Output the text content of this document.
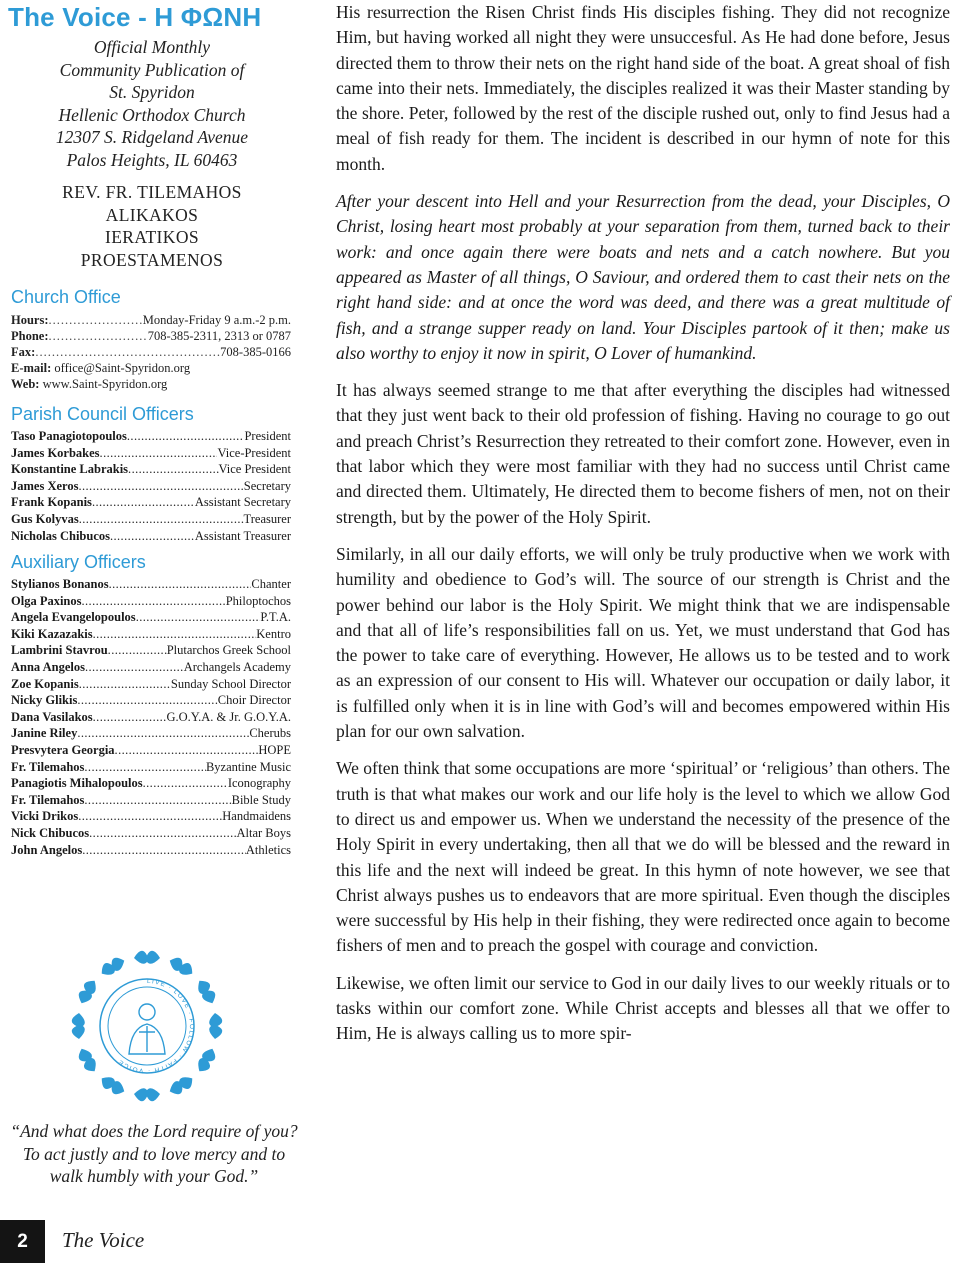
The Voice - Η ΦΩΝΗ
Official Monthly
Community Publication of
St. Spyridon
Hellenic Orthodox Church
12307 S. Ridgeland Avenue
Palos Heights, IL 60463
REV. FR. TILEMAHOS
ALIKAKOS
IERATIKOS
PROESTAMENOS
Church Office
Hours: .....	Monday-Friday 9 a.m.-2 p.m.
Phone: .....	708-385-2311, 2313 or 0787
Fax: .....	708-385-0166
E-mail: office@Saint-Spyridon.org
Web: www.Saint-Spyridon.org
Parish Council Officers
Taso Panagiotopoulos .....	President
James Korbakes .....	Vice-President
Konstantine Labrakis .....	Vice President
James Xeros .....	Secretary
Frank Kopanis .....	Assistant Secretary
Gus Kolyvas .....	Treasurer
Nicholas Chibucos .....	Assistant Treasurer
Auxiliary Officers
Stylianos Bonanos .....	Chanter
Olga Paxinos .....	Philoptochos
Angela Evangelopoulos .....	P.T.A.
Kiki Kazazakis .....	Kentro
Lambrini Stavrou .....	Plutarchos Greek School
Anna Angelos .....	Archangels Academy
Zoe Kopanis .....	Sunday School Director
Nicky Glikis .....	Choir Director
Dana Vasilakos .....	G.O.Y.A. & Jr. G.O.Y.A.
Janine Riley .....	Cherubs
Presvytera Georgia .....	HOPE
Fr. Tilemahos .....	Byzantine Music
Panagiotis Mihalopoulos .....	Iconography
Fr. Tilemahos .....	Bible Study
Vicki Drikos .....	Handmaidens
Nick Chibucos .....	Altar Boys
John Angelos .....	Athletics
LIVE · LOVE · FOLLOW · FAITH · VOICE
“And what does the Lord require of you? To act justly and to love mercy and to walk humbly with your God.”

His resurrection the Risen Christ finds His disciples fishing. They did not recognize Him, but having worked all night they were unsuccesful. As He had done before, Jesus directed them to throw their nets on the right hand side of the boat. A great shoal of fish came into their nets. Immediately, the disciples realized it was their Master standing by the shore. Peter, followed by the rest of the disciple rushed out, only to find Jesus had a meal of fish ready for them. The incident is described in our hymn of note for this month.

After your descent into Hell and your Resurrection from the dead, your Disciples, O Christ, losing heart most probably at your separation from them, turned back to their work: and once again there were boats and nets and a catch nowhere. But you appeared as Master of all things, O Saviour, and ordered them to cast their nets on the right hand side: and at once the word was deed, and there was a great multitude of fish, and a strange supper ready on land. Your Disciples partook of it then; make us also worthy to enjoy it now in spirit, O Lover of humankind.

It has always seemed strange to me that after everything the disciples had witnessed that they just went back to their old profession of fishing. Having no courage to go out and preach Christ’s Resurrection they retreated to their comfort zone. However, even in that labor which they were most familiar with they had no success until Christ came and directed them. Ultimately, He directed them to become fishers of men, not on their strength, but by the power of the Holy Spirit.

Similarly, in all our daily efforts, we will only be truly productive when we work with humility and obedience to God’s will. The source of our strength is Christ and the power behind our labor is the Holy Spirit. We might think that we are indispensable and that all of life’s responsibilities fall on us. Yet, we must understand that God has the power to take care of everything. However, He allows us to be tested and to work as an expression of our consent to His will. Whatever our occupation or daily labor, it is fulfilled only when it is in line with God’s will and becomes empowered within His plan for our own salvation.

We often think that some occupations are more ‘spiritual’ or ‘religious’ than others. The truth is that what makes our work and our life holy is the level to which we allow God to direct us and empower us. When we understand the necessity of the presence of the Holy Spirit in every undertaking, then all that we do will be blessed and the reward in this life and the next will indeed be great. In this hymn of note however, we see that Christ always pushes us to endeavors that are more spiritual. Even though the disciples were successful by His help in their fishing, they were redirected once again to become fishers of men and to preach the gospel with courage and conviction.

Likewise, we often limit our service to God in our daily lives to our weekly rituals or to tasks within our comfort zone. While Christ accepts and blesses all that we offer to Him, He is always calling us to more spir-

2	The Voice
